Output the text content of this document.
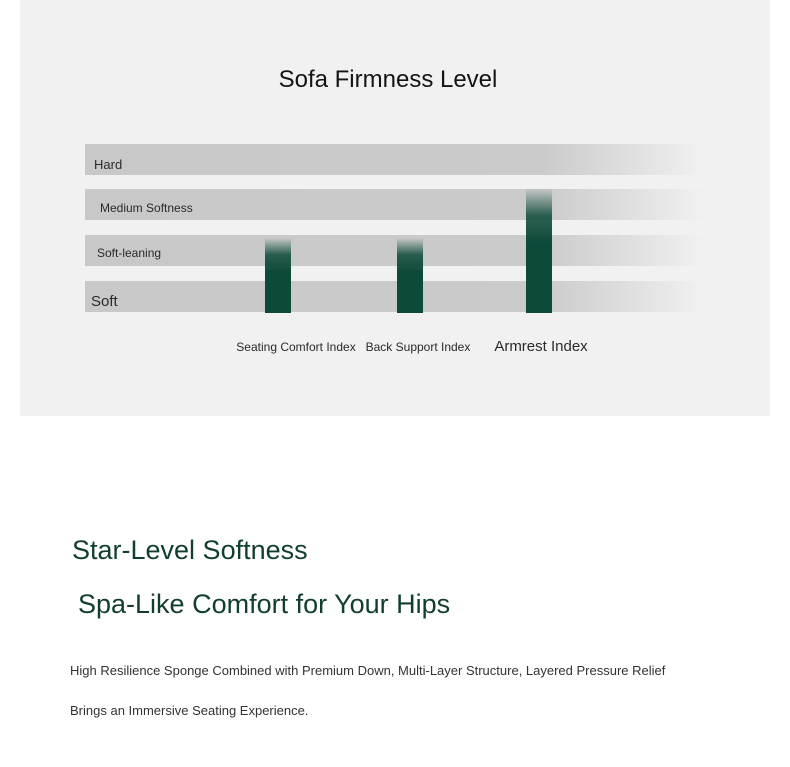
Sofa Firmness Level
Soft
Soft-leaning
Medium Softness
Hard
Seating Comfort Index Back Support Index Armrest Index
Star-Level Softness
Spa-Like Comfort for Your Hips
High Resilience Sponge Combined with Premium Down, Multi-Layer Structure, Layered Pressure Relief
Brings an Immersive Seating Experience.
